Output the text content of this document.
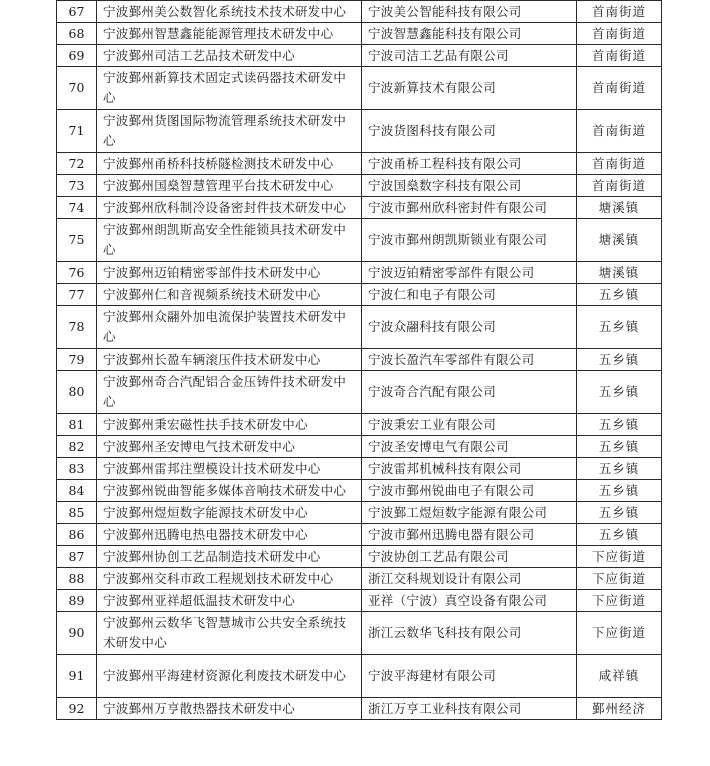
67	宁波鄞州美公数智化系统技术技术研发中心	宁波美公智能科技有限公司	首南街道
68	宁波鄞州智慧鑫能能源管理技术研发中心	宁波智慧鑫能科技有限公司	首南街道
69	宁波鄞州司洁工艺品技术研发中心	宁波司洁工艺品有限公司	首南街道
70	宁波鄞州新算技术固定式读码器技术研发中心	宁波新算技术有限公司	首南街道
71	宁波鄞州货图国际物流管理系统技术研发中心	宁波货图科技有限公司	首南街道
72	宁波鄞州甬桥科技桥隧检测技术研发中心	宁波甬桥工程科技有限公司	首南街道
73	宁波鄞州国燊智慧管理平台技术研发中心	宁波国燊数字科技有限公司	首南街道
74	宁波鄞州欣科制冷设备密封件技术研发中心	宁波市鄞州欣科密封件有限公司	塘溪镇
75	宁波鄞州朗凯斯高安全性能锁具技术研发中心	宁波市鄞州朗凯斯锁业有限公司	塘溪镇
76	宁波鄞州迈铂精密零部件技术研发中心	宁波迈铂精密零部件有限公司	塘溪镇
77	宁波鄞州仁和音视频系统技术研发中心	宁波仁和电子有限公司	五乡镇
78	宁波鄞州众翮外加电流保护装置技术研发中心	宁波众翮科技有限公司	五乡镇
79	宁波鄞州长盈车辆滚压件技术研发中心	宁波长盈汽车零部件有限公司	五乡镇
80	宁波鄞州奇合汽配铝合金压铸件技术研发中心	宁波奇合汽配有限公司	五乡镇
81	宁波鄞州秉宏磁性扶手技术研发中心	宁波秉宏工业有限公司	五乡镇
82	宁波鄞州圣安博电气技术研发中心	宁波圣安博电气有限公司	五乡镇
83	宁波鄞州雷邦注塑模设计技术研发中心	宁波雷邦机械科技有限公司	五乡镇
84	宁波鄞州锐曲智能多媒体音响技术研发中心	宁波市鄞州锐曲电子有限公司	五乡镇
85	宁波鄞州煜烜数字能源技术研发中心	宁波鄞工煜烜数字能源有限公司	五乡镇
86	宁波鄞州迅腾电热电器技术研发中心	宁波市鄞州迅腾电器有限公司	五乡镇
87	宁波鄞州协创工艺品制造技术研发中心	宁波协创工艺品有限公司	下应街道
88	宁波鄞州交科市政工程规划技术研发中心	浙江交科规划设计有限公司	下应街道
89	宁波鄞州亚祥超低温技术研发中心	亚祥（宁波）真空设备有限公司	下应街道
90	宁波鄞州云数华飞智慧城市公共安全系统技术研发中心	浙江云数华飞科技有限公司	下应街道
91	宁波鄞州平海建材资源化利废技术研发中心	宁波平海建材有限公司	咸祥镇
92	宁波鄞州万亨散热器技术研发中心	浙江万亨工业科技有限公司	鄞州经济
